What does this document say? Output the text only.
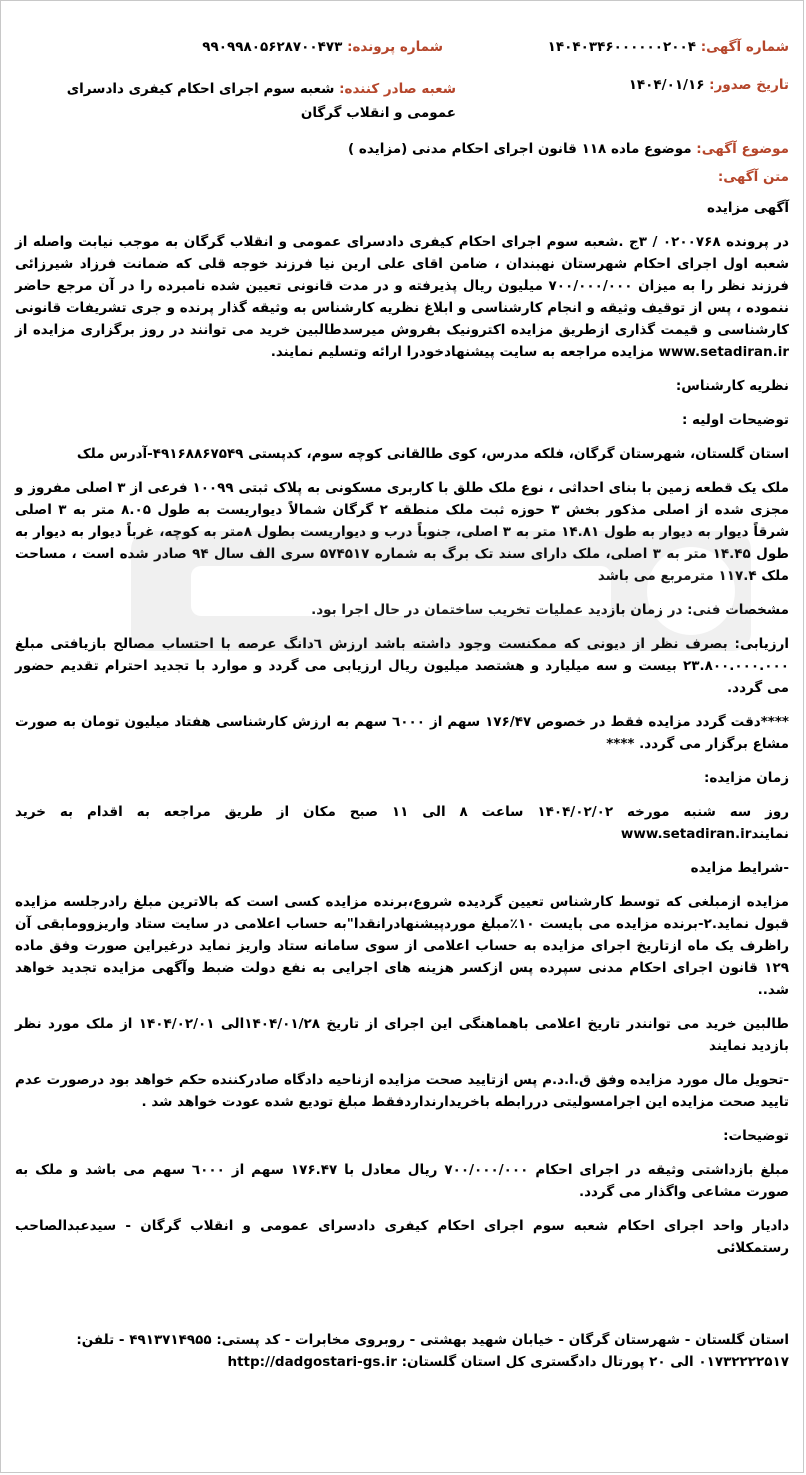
شماره آگهی: ۱۴۰۴۰۳۴۶۰۰۰۰۰۰۲۰۰۴
شماره پرونده: ۹۹۰۹۹۸۰۵۶۲۸۷۰۰۴۷۳
تاریخ صدور: ۱۴۰۴/۰۱/۱۶
شعبه صادر کننده: شعبه سوم اجرای احکام کیفری دادسرای عمومی و انقلاب گرگان
موضوع آگهی: موضوع ماده ۱۱۸ قانون اجرای احکام مدنی (مزایده )
متن آگهی:

آگهی مزایده

در پرونده ۰۲۰۰۷۶۸ / ۳ج .شعبه سوم اجرای احکام کیفری دادسرای عمومی و انقلاب گرگان به موجب نیابت واصله از شعبه اول اجرای احکام شهرستان نهبندان ، ضامن اقای علی ارین نیا فرزند خوجه قلی که ضمانت فرزاد شیرزائی فرزند نظر را به میزان ۷۰۰/۰۰۰/۰۰۰ میلیون ریال پذیرفته و در مدت قانونی تعیین شده نامبرده را در آن مرجع حاضر ننموده ، پس از توقیف وثیقه و انجام کارشناسی و ابلاغ نظریه کارشناس به وثیقه گذار پرنده و جری تشریفات قانونی کارشناسی و قیمت گذاری ازطریق مزایده اکترونیک بفروش میرسدطالبین خرید می توانند در روز برگزاری مزایده از www.setadiran.ir مزایده مراجعه به سایت پیشنهادخودرا ارائه وتسلیم نمایند.

نظریه کارشناس:

توضیحات اولیه :

استان گلستان، شهرستان گرگان، فلکه مدرس، کوی طالقانی کوچه سوم، کدپستی ۴۹۱۶۸۸۶۷۵۴۹-آدرس ملک

ملک یک قطعه زمین با بنای احداثی ، نوع ملک طلق با کاربری مسکونی به پلاک ثبتی ۱۰۰۹۹ فرعی از ۳ اصلی مفروز و مجزی شده از اصلی مذکور بخش ۳ حوزه ثبت ملک منطقه ۲ گرگان شمالاً دیواریست به طول ۸.۰۵ متر به ۳ اصلی شرقاً دیوار به دیوار به طول ۱۴.۸۱ متر به ۳ اصلی، جنوباً درب و دیواریست بطول ۸متر به کوچه، غرباً دیوار به دیوار به طول ۱۴.۴۵ متر به ۳ اصلی، ملک دارای سند تک برگ به شماره ۵۷۴۵۱۷ سری الف سال ۹۴ صادر شده است ، مساحت ملک ۱۱۷.۴ مترمربع می باشد

مشخصات فنی: در زمان بازدید عملیات تخریب ساختمان در حال اجرا بود.

ارزیابی: بصرف نظر از دیونی که ممکنست وجود داشته باشد ارزش ٦دانگ عرصه با احتساب مصالح بازیافتی مبلغ ۲۳.۸۰۰.۰۰۰.۰۰۰ بیست و سه میلیارد و هشتصد میلیون ریال ارزیابی می گردد و موارد با تجدید احترام تقدیم حضور می گردد.

****دقت گردد مزایده فقط در خصوص ۱۷۶/۴۷ سهم از ٦۰۰۰ سهم به ارزش کارشناسی هفتاد میلیون تومان به صورت مشاع برگزار می گردد. ****

زمان مزایده:

روز سه شنبه مورخه ۱۴۰۴/۰۲/۰۲ ساعت ۸ الی ۱۱ صبح مکان از طریق مراجعه به اقدام به خرید نمایندwww.setadiran.ir

-شرایط مزایده

مزایده ازمبلغی که توسط کارشناس تعیین گردیده شروع،برنده مزایده کسی است که بالاترین مبلغ رادرجلسه مزایده قبول نماید.۲-برنده مزایده می بایست ۱۰٪مبلغ موردپیشنهادرانقدا"به حساب اعلامی در سایت ستاد واریزوومابقی آن راظرف یک ماه ازتاریخ اجرای مزایده به حساب اعلامی از سوی سامانه ستاد واریز نماید درغیراین صورت وفق ماده ۱۲۹ قانون اجرای احکام مدنی سپرده پس ازکسر هزینه های اجرایی به نفع دولت ضبط وآگهی مزایده تجدید خواهد شد..

طالبین خرید می توانندر تاریخ اعلامی باهماهنگی این اجرای از تاریخ ۱۴۰۴/۰۱/۲۸الی ۱۴۰۴/۰۲/۰۱ از ملک مورد نظر بازدید نمایند

-تحویل مال مورد مزایده وفق ق.ا.د.م پس ازتایید صحت مزایده ازناحیه دادگاه صادرکننده حکم خواهد بود درصورت عدم تایید صحت مزایده این اجرامسولیتی دررابطه باخریدارنداردفقط مبلغ تودیع شده عودت خواهد شد .

توضیحات:

مبلغ بازداشتی وثیقه در اجرای احکام ۷۰۰/۰۰۰/۰۰۰ ریال معادل با ۱۷۶.۴۷ سهم از ٦۰۰۰ سهم می باشد و ملک به صورت مشاعی واگذار می گردد.

دادیار واحد اجرای احکام شعبه سوم اجرای احکام کیفری دادسرای عمومی و انقلاب گرگان - سیدعبدالصاحب رستمکلائی

استان گلستان - شهرستان گرگان - خیابان شهید بهشتی - روبروی مخابرات - کد پستی: ۴۹۱۳۷۱۴۹۵۵ - تلفن:
۰۱۷۳۲۲۲۲۵۱۷ الی ۲۰ پورتال دادگستری کل استان گلستان: http://dadgostari-gs.ir
